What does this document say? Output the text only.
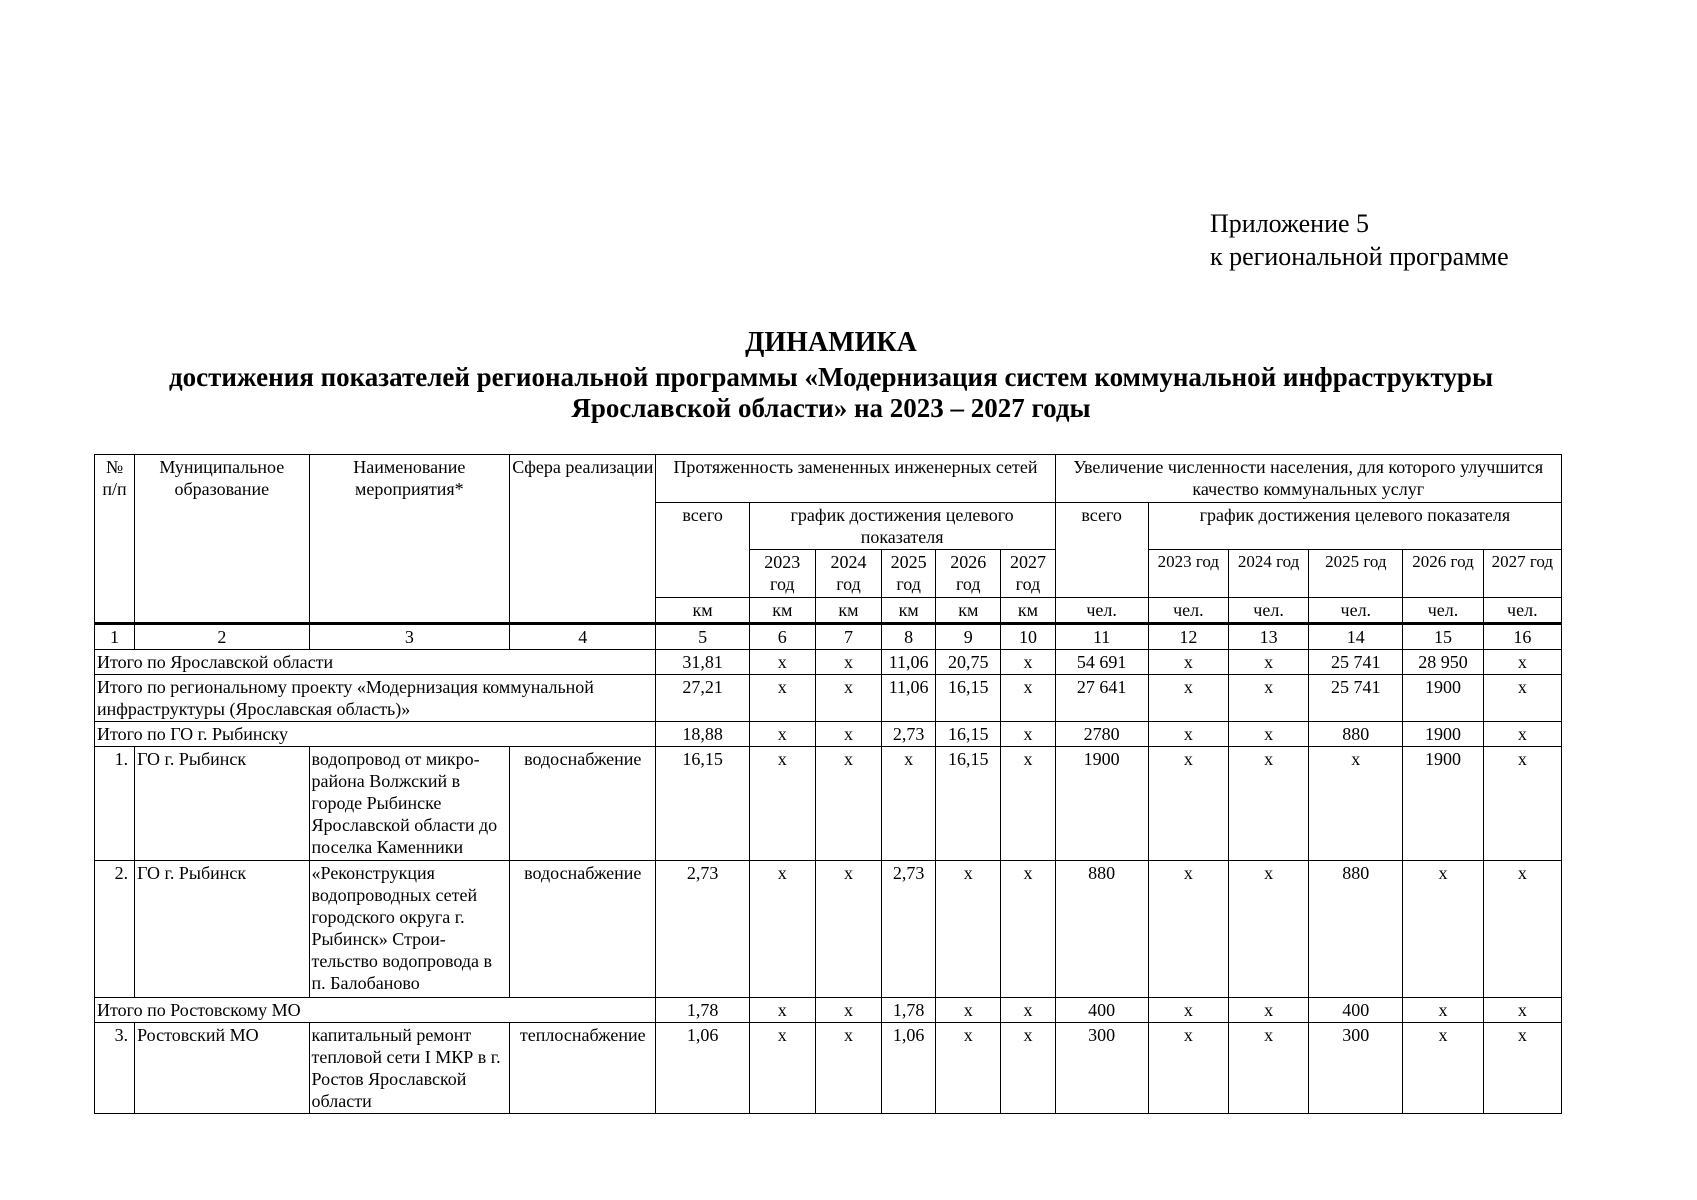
Приложение 5
к региональной программе
ДИНАМИКА
достижения показателей региональной программы «Модернизация систем коммунальной инфраструктуры
Ярославской области» на 2023 – 2027 годы
№ п/п	Муниципальное образование	Наименование мероприятия*	Сфера реализации	Протяженность замененных инженерных сетей						Увеличение численности населения, для которого улучшится качество коммунальных услуг					
				всего	график достижения целевого показателя					всего	график достижения целевого показателя				
					2023 год	2024 год	2025 год	2026 год	2027 год		2023 год	2024 год	2025 год	2026 год	2027 год
				км	км	км	км	км	км	чел.	чел.	чел.	чел.	чел.	чел.
1	2	3	4	5	6	7	8	9	10	11	12	13	14	15	16
Итого по Ярославской области				31,81	х	х	11,06	20,75	х	54 691	х	х	25 741	28 950	х
Итого по региональному проекту «Модернизация коммунальной инфраструктуры (Ярославская область)»				27,21	х	х	11,06	16,15	х	27 641	х	х	25 741	1900	х
Итого по ГО г. Рыбинску				18,88	х	х	2,73	16,15	х	2780	х	х	880	1900	х
1.	ГО г. Рыбинск	водопровод от микро-района Волжский в городе Рыбинске Ярославской области до поселка Каменники	водоснабжение	16,15	х	х	х	16,15	х	1900	х	х	х	1900	х
2.	ГО г. Рыбинск	«Реконструкция водопроводных сетей городского округа г. Рыбинск» Строи-тельство водопровода в п. Балобаново	водоснабжение	2,73	х	х	2,73	х	х	880	х	х	880	х	х
Итого по Ростовскому МО				1,78	х	х	1,78	х	х	400	х	х	400	х	х
3.	Ростовский МО	капитальный ремонт тепловой сети I МКР в г. Ростов Ярославской области	теплоснабжение	1,06	х	х	1,06	х	х	300	х	х	300	х	х
